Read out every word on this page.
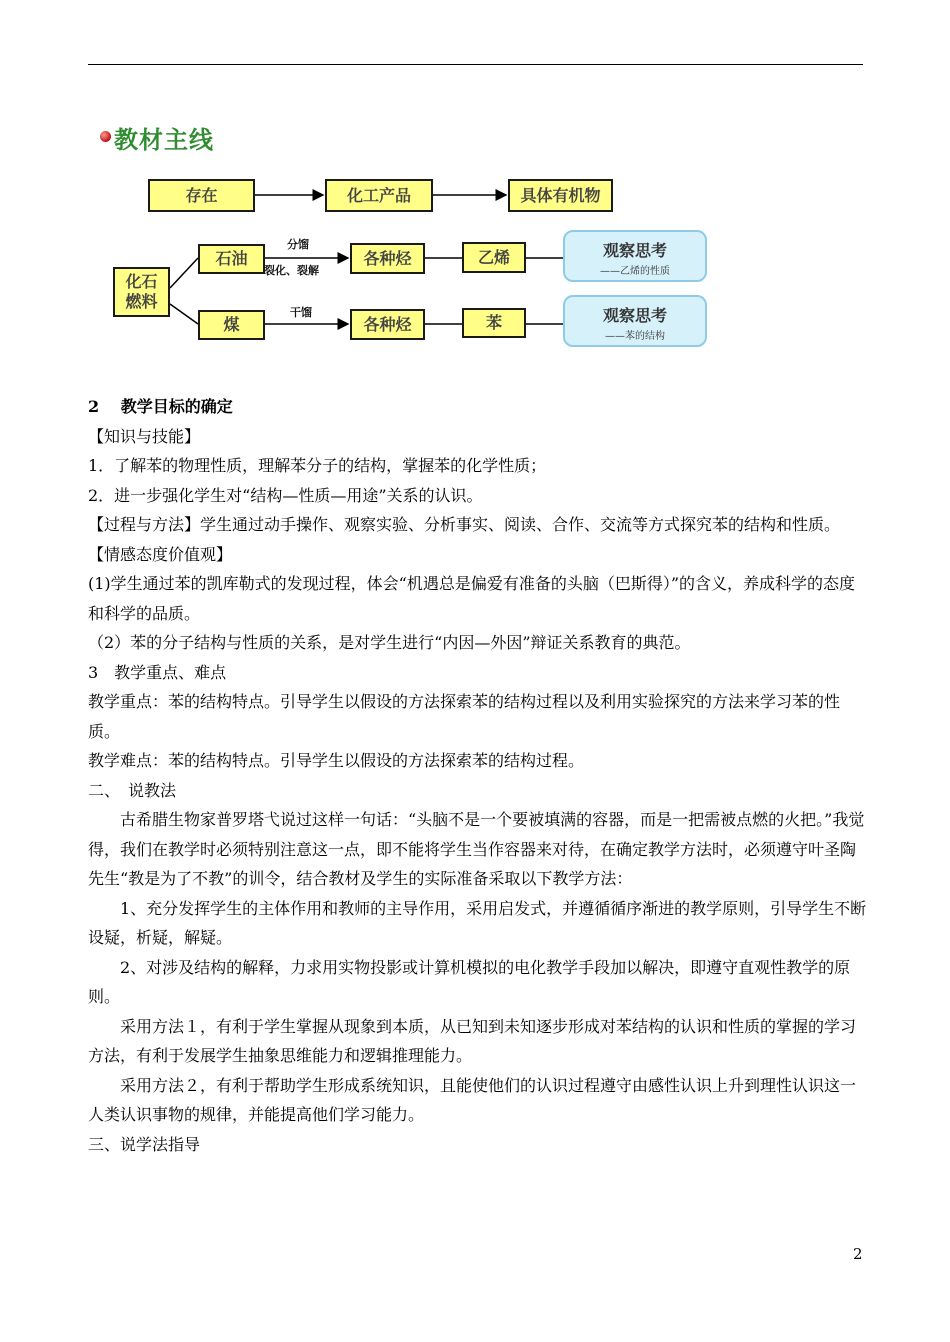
教材主线
存在	化工产品	具体有机物
化石燃料
石油
分馏
裂化、裂解
各种烃	乙烯	观察思考
——乙烯的性质
煤
干馏
各种烃	苯	观察思考
——苯的结构

2　 教学目标的确定

【知识与技能】

1．了解苯的物理性质，理解苯分子的结构，掌握苯的化学性质；

2．进一步强化学生对“结构—性质—用途”关系的认识。

【过程与方法】学生通过动手操作、观察实验、分析事实、阅读、合作、交流等方式探究苯的结构和性质。

【情感态度价值观】

(1)学生通过苯的凯库勒式的发现过程，体会“机遇总是偏爱有准备的头脑（巴斯得）”的含义，养成科学的态度和科学的品质。

（2）苯的分子结构与性质的关系，是对学生进行“内因—外因”辩证关系教育的典范。

3　教学重点、难点

教学重点：苯的结构特点。引导学生以假设的方法探索苯的结构过程以及利用实验探究的方法来学习苯的性质。

教学难点：苯的结构特点。引导学生以假设的方法探索苯的结构过程。

二、　说教法

古希腊生物家普罗塔弋说过这样一句话：“头脑不是一个要被填满的容器，而是一把需被点燃的火把。”我觉得，我们在教学时必须特别注意这一点，即不能将学生当作容器来对待，在确定教学方法时，必须遵守叶圣陶先生“教是为了不教”的训令，结合教材及学生的实际准备采取以下教学方法：

1、充分发挥学生的主体作用和教师的主导作用，采用启发式，并遵循循序渐进的教学原则，引导学生不断设疑，析疑，解疑。

2、对涉及结构的解释，力求用实物投影或计算机模拟的电化教学手段加以解决，即遵守直观性教学的原则。

采用方法１，有利于学生掌握从现象到本质，从已知到未知逐步形成对苯结构的认识和性质的掌握的学习方法，有利于发展学生抽象思维能力和逻辑推理能力。

采用方法２，有利于帮助学生形成系统知识，且能使他们的认识过程遵守由感性认识上升到理性认识这一人类认识事物的规律，并能提高他们学习能力。

三、说学法指导

2
